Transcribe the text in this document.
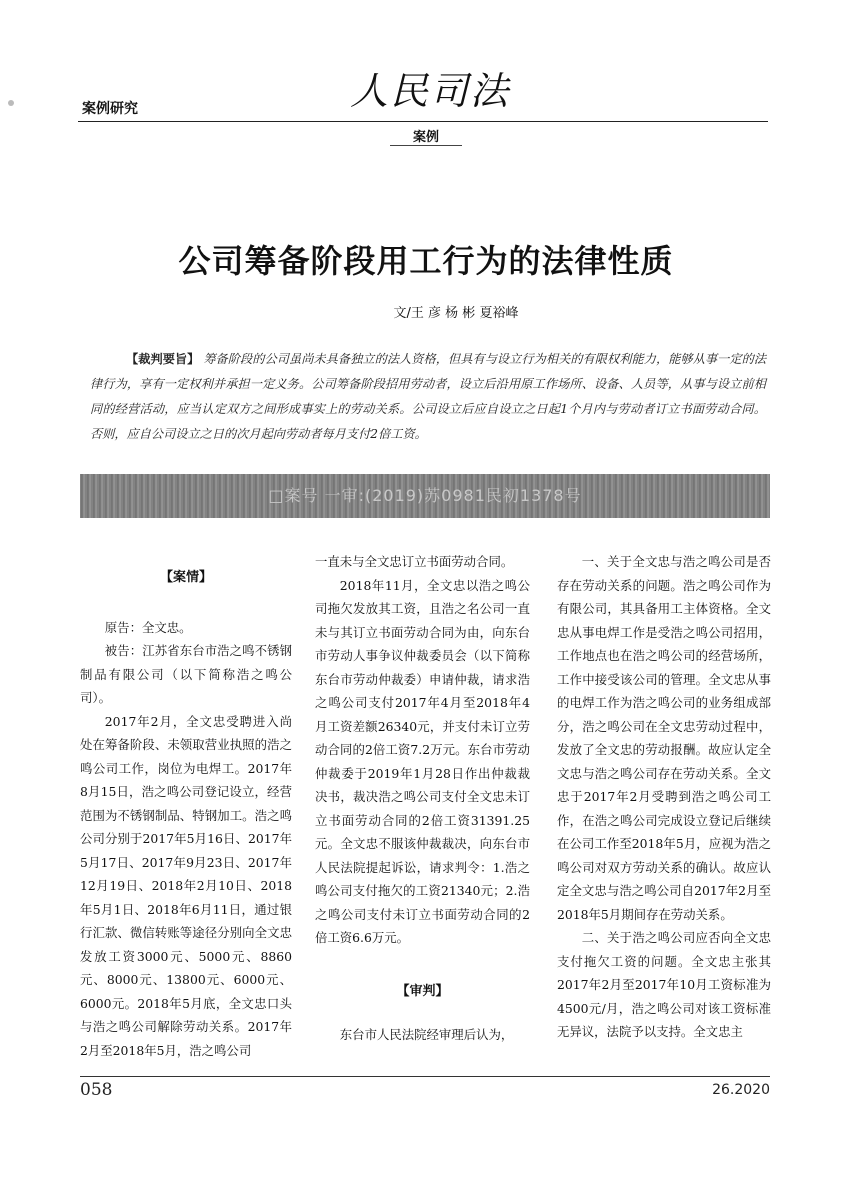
人民司法
案例研究
案例
公司筹备阶段用工行为的法律性质
文/王 彦 杨 彬 夏裕峰
【裁判要旨】 筹备阶段的公司虽尚未具备独立的法人资格，但具有与设立行为相关的有限权利能力，能够从事一定的法律行为，享有一定权利并承担一定义务。公司筹备阶段招用劳动者，设立后沿用原工作场所、设备、人员等，从事与设立前相同的经营活动，应当认定双方之间形成事实上的劳动关系。公司设立后应自设立之日起1个月内与劳动者订立书面劳动合同。否则，应自公司设立之日的次月起向劳动者每月支付2倍工资。
□案号 一审:(2019)苏0981民初1378号

【案情】

原告：全文忠。

被告：江苏省东台市浩之鸣不锈钢制品有限公司（以下简称浩之鸣公司）。

2017年2月，全文忠受聘进入尚处在筹备阶段、未领取营业执照的浩之鸣公司工作，岗位为电焊工。2017年8月15日，浩之鸣公司登记设立，经营范围为不锈钢制品、特钢加工。浩之鸣公司分别于2017年5月16日、2017年5月17日、2017年9月23日、2017年12月19日、2018年2月10日、2018年5月1日、2018年6月11日，通过银行汇款、微信转账等途径分别向全文忠发放工资3000元、5000元、8860元、8000元、13800元、6000元、6000元。2018年5月底，全文忠口头与浩之鸣公司解除劳动关系。2017年2月至2018年5月，浩之鸣公司

一直未与全文忠订立书面劳动合同。

2018年11月，全文忠以浩之鸣公司拖欠发放其工资，且浩之名公司一直未与其订立书面劳动合同为由，向东台市劳动人事争议仲裁委员会（以下简称东台市劳动仲裁委）申请仲裁，请求浩之鸣公司支付2017年4月至2018年4月工资差额26340元，并支付未订立劳动合同的2倍工资7.2万元。东台市劳动仲裁委于2019年1月28日作出仲裁裁决书，裁决浩之鸣公司支付全文忠未订立书面劳动合同的2倍工资31391.25元。全文忠不服该仲裁裁决，向东台市人民法院提起诉讼，请求判令：1.浩之鸣公司支付拖欠的工资21340元；2.浩之鸣公司支付未订立书面劳动合同的2倍工资6.6万元。

【审判】

东台市人民法院经审理后认为，

一、关于全文忠与浩之鸣公司是否存在劳动关系的问题。浩之鸣公司作为有限公司，其具备用工主体资格。全文忠从事电焊工作是受浩之鸣公司招用，工作地点也在浩之鸣公司的经营场所，工作中接受该公司的管理。全文忠从事的电焊工作为浩之鸣公司的业务组成部分，浩之鸣公司在全文忠劳动过程中，发放了全文忠的劳动报酬。故应认定全文忠与浩之鸣公司存在劳动关系。全文忠于2017年2月受聘到浩之鸣公司工作，在浩之鸣公司完成设立登记后继续在公司工作至2018年5月，应视为浩之鸣公司对双方劳动关系的确认。故应认定全文忠与浩之鸣公司自2017年2月至2018年5月期间存在劳动关系。

二、关于浩之鸣公司应否向全文忠支付拖欠工资的问题。全文忠主张其2017年2月至2017年10月工资标准为4500元/月，浩之鸣公司对该工资标准无异议，法院予以支持。全文忠主

058	26.2020
